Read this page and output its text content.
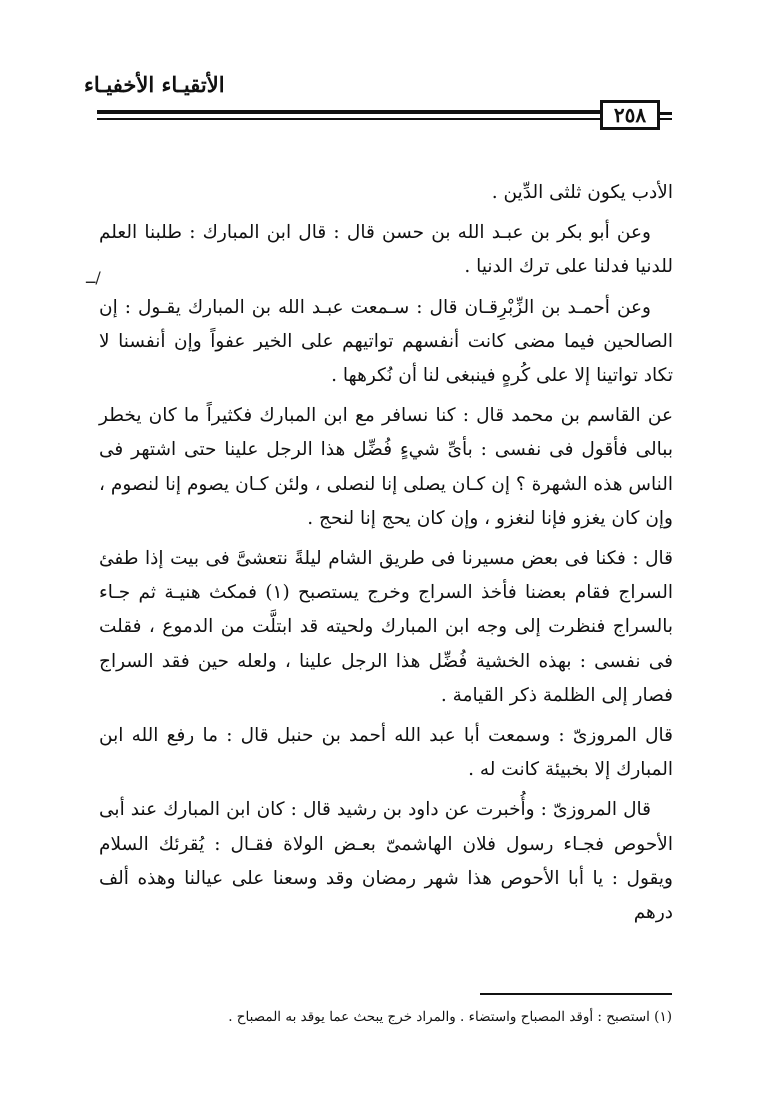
الأتقيـاء الأخفيـاء
٢٥٨
ــ/

الأدب يكون ثلثى الدِّين .

وعن أبو بكر بن عبـد الله بن حسن قال : قال ابن المبارك : طلبنا العلم للدنيا فدلنا على ترك الدنيا .

وعن أحمـد بن الزِّبْرِقـان قال : سـمعت عبـد الله بن المبارك يقـول : إن الصالحين فيما مضى كانت أنفسهم تواتيهم على الخير عفواً وإن أنفسنا لا تكاد تواتينا إلا على كُرهٍ فينبغى لنا أن نُكرهها .

عن القاسم بن محمد قال : كنا نسافر مع ابن المبارك فكثيراً ما كان يخطر ببالى فأقول فى نفسى : بأىِّ شيءٍ فُضِّل هذا الرجل علينا حتى اشتهر فى الناس هذه الشهرة ؟ إن كـان يصلى إنا لنصلى ، ولئن كـان يصوم إنا لنصوم ، وإن كان يغزو فإنا لنغزو ، وإن كان يحج إنا لنحج .

قال : فكنا فى بعض مسيرنا فى طريق الشام ليلةً نتعشىَّ فى بيت إذا طفئ السراج فقام بعضنا فأخذ السراج وخرج يستصبح (١) فمكث هنيـة ثم جـاء بالسراج فنظرت إلى وجه ابن المبارك ولحيته قد ابتلَّت من الدموع ، فقلت فى نفسى : بهذه الخشية فُضِّل هذا الرجل علينا ، ولعله حين فقد السراج فصار إلى الظلمة ذكر القيامة .

قال المروزىّ : وسمعت أبا عبد الله أحمد بن حنبل قال : ما رفع الله ابن المبارك إلا بخبيئة كانت له .

قال المروزىّ : وأُخبرت عن داود بن رشيد قال : كان ابن المبارك عند أبى الأحوص فجـاء رسول فلان الهاشمىّ بعـض الولاة فقـال : يُقرئك السلام ويقول : يا أبا الأحوص هذا شهر رمضان وقد وسعنا على عيالنا وهذه ألف درهم

(١) استصبح : أوقد المصباح واستضاء . والمراد خرج يبحث عما يوقد به المصباح .
